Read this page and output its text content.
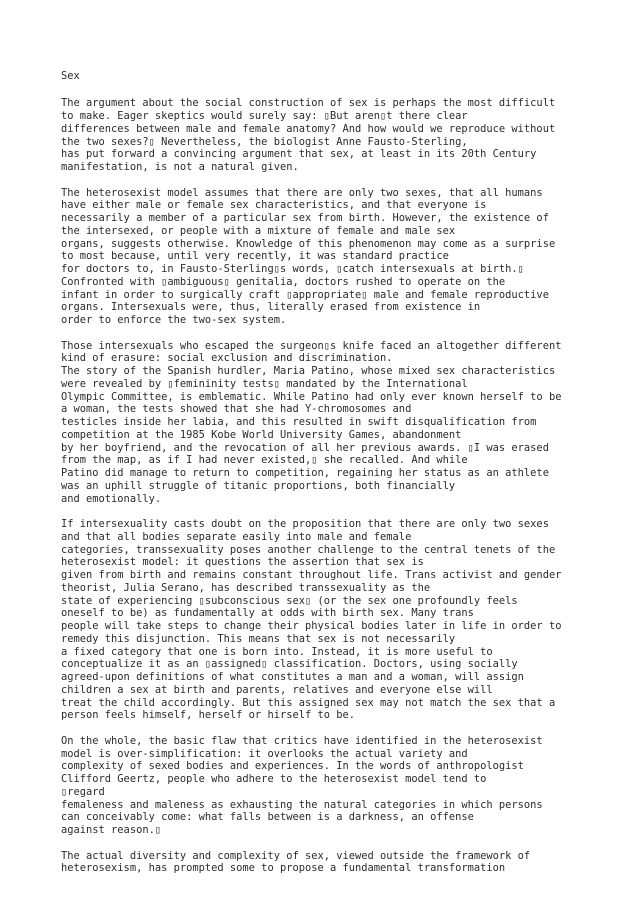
Sex
The argument about the social construction of sex is perhaps the most difficult
to make. Eager skeptics would surely say: ▯But aren▯t there clear
differences between male and female anatomy? And how would we reproduce without
the two sexes?▯ Nevertheless, the biologist Anne Fausto-Sterling,
has put forward a convincing argument that sex, at least in its 20th Century
manifestation, is not a natural given.
The heterosexist model assumes that there are only two sexes, that all humans
have either male or female sex characteristics, and that everyone is
necessarily a member of a particular sex from birth. However, the existence of
the intersexed, or people with a mixture of female and male sex
organs, suggests otherwise. Knowledge of this phenomenon may come as a surprise
to most because, until very recently, it was standard practice
for doctors to, in Fausto-Sterling▯s words, ▯catch intersexuals at birth.▯
Confronted with ▯ambiguous▯ genitalia, doctors rushed to operate on the
infant in order to surgically craft ▯appropriate▯ male and female reproductive
organs. Intersexuals were, thus, literally erased from existence in
order to enforce the two-sex system.
Those intersexuals who escaped the surgeon▯s knife faced an altogether different
kind of erasure: social exclusion and discrimination.
The story of the Spanish hurdler, Maria Patino, whose mixed sex characteristics
were revealed by ▯femininity tests▯ mandated by the International
Olympic Committee, is emblematic. While Patino had only ever known herself to be
a woman, the tests showed that she had Y-chromosomes and
testicles inside her labia, and this resulted in swift disqualification from
competition at the 1985 Kobe World University Games, abandonment
by her boyfriend, and the revocation of all her previous awards. ▯I was erased
from the map, as if I had never existed,▯ she recalled. And while
Patino did manage to return to competition, regaining her status as an athlete
was an uphill struggle of titanic proportions, both financially
and emotionally.
If intersexuality casts doubt on the proposition that there are only two sexes
and that all bodies separate easily into male and female
categories, transsexuality poses another challenge to the central tenets of the
heterosexist model: it questions the assertion that sex is
given from birth and remains constant throughout life. Trans activist and gender
theorist, Julia Serano, has described transsexuality as the
state of experiencing ▯subconscious sex▯ (or the sex one profoundly feels
oneself to be) as fundamentally at odds with birth sex. Many trans
people will take steps to change their physical bodies later in life in order to
remedy this disjunction. This means that sex is not necessarily
a fixed category that one is born into. Instead, it is more useful to
conceptualize it as an ▯assigned▯ classification. Doctors, using socially
agreed-upon definitions of what constitutes a man and a woman, will assign
children a sex at birth and parents, relatives and everyone else will
treat the child accordingly. But this assigned sex may not match the sex that a
person feels himself, herself or hirself to be.
On the whole, the basic flaw that critics have identified in the heterosexist
model is over-simplification: it overlooks the actual variety and
complexity of sexed bodies and experiences. In the words of anthropologist
Clifford Geertz, people who adhere to the heterosexist model tend to
▯regard
femaleness and maleness as exhausting the natural categories in which persons
can conceivably come: what falls between is a darkness, an offense
against reason.▯
The actual diversity and complexity of sex, viewed outside the framework of
heterosexism, has prompted some to propose a fundamental transformation
